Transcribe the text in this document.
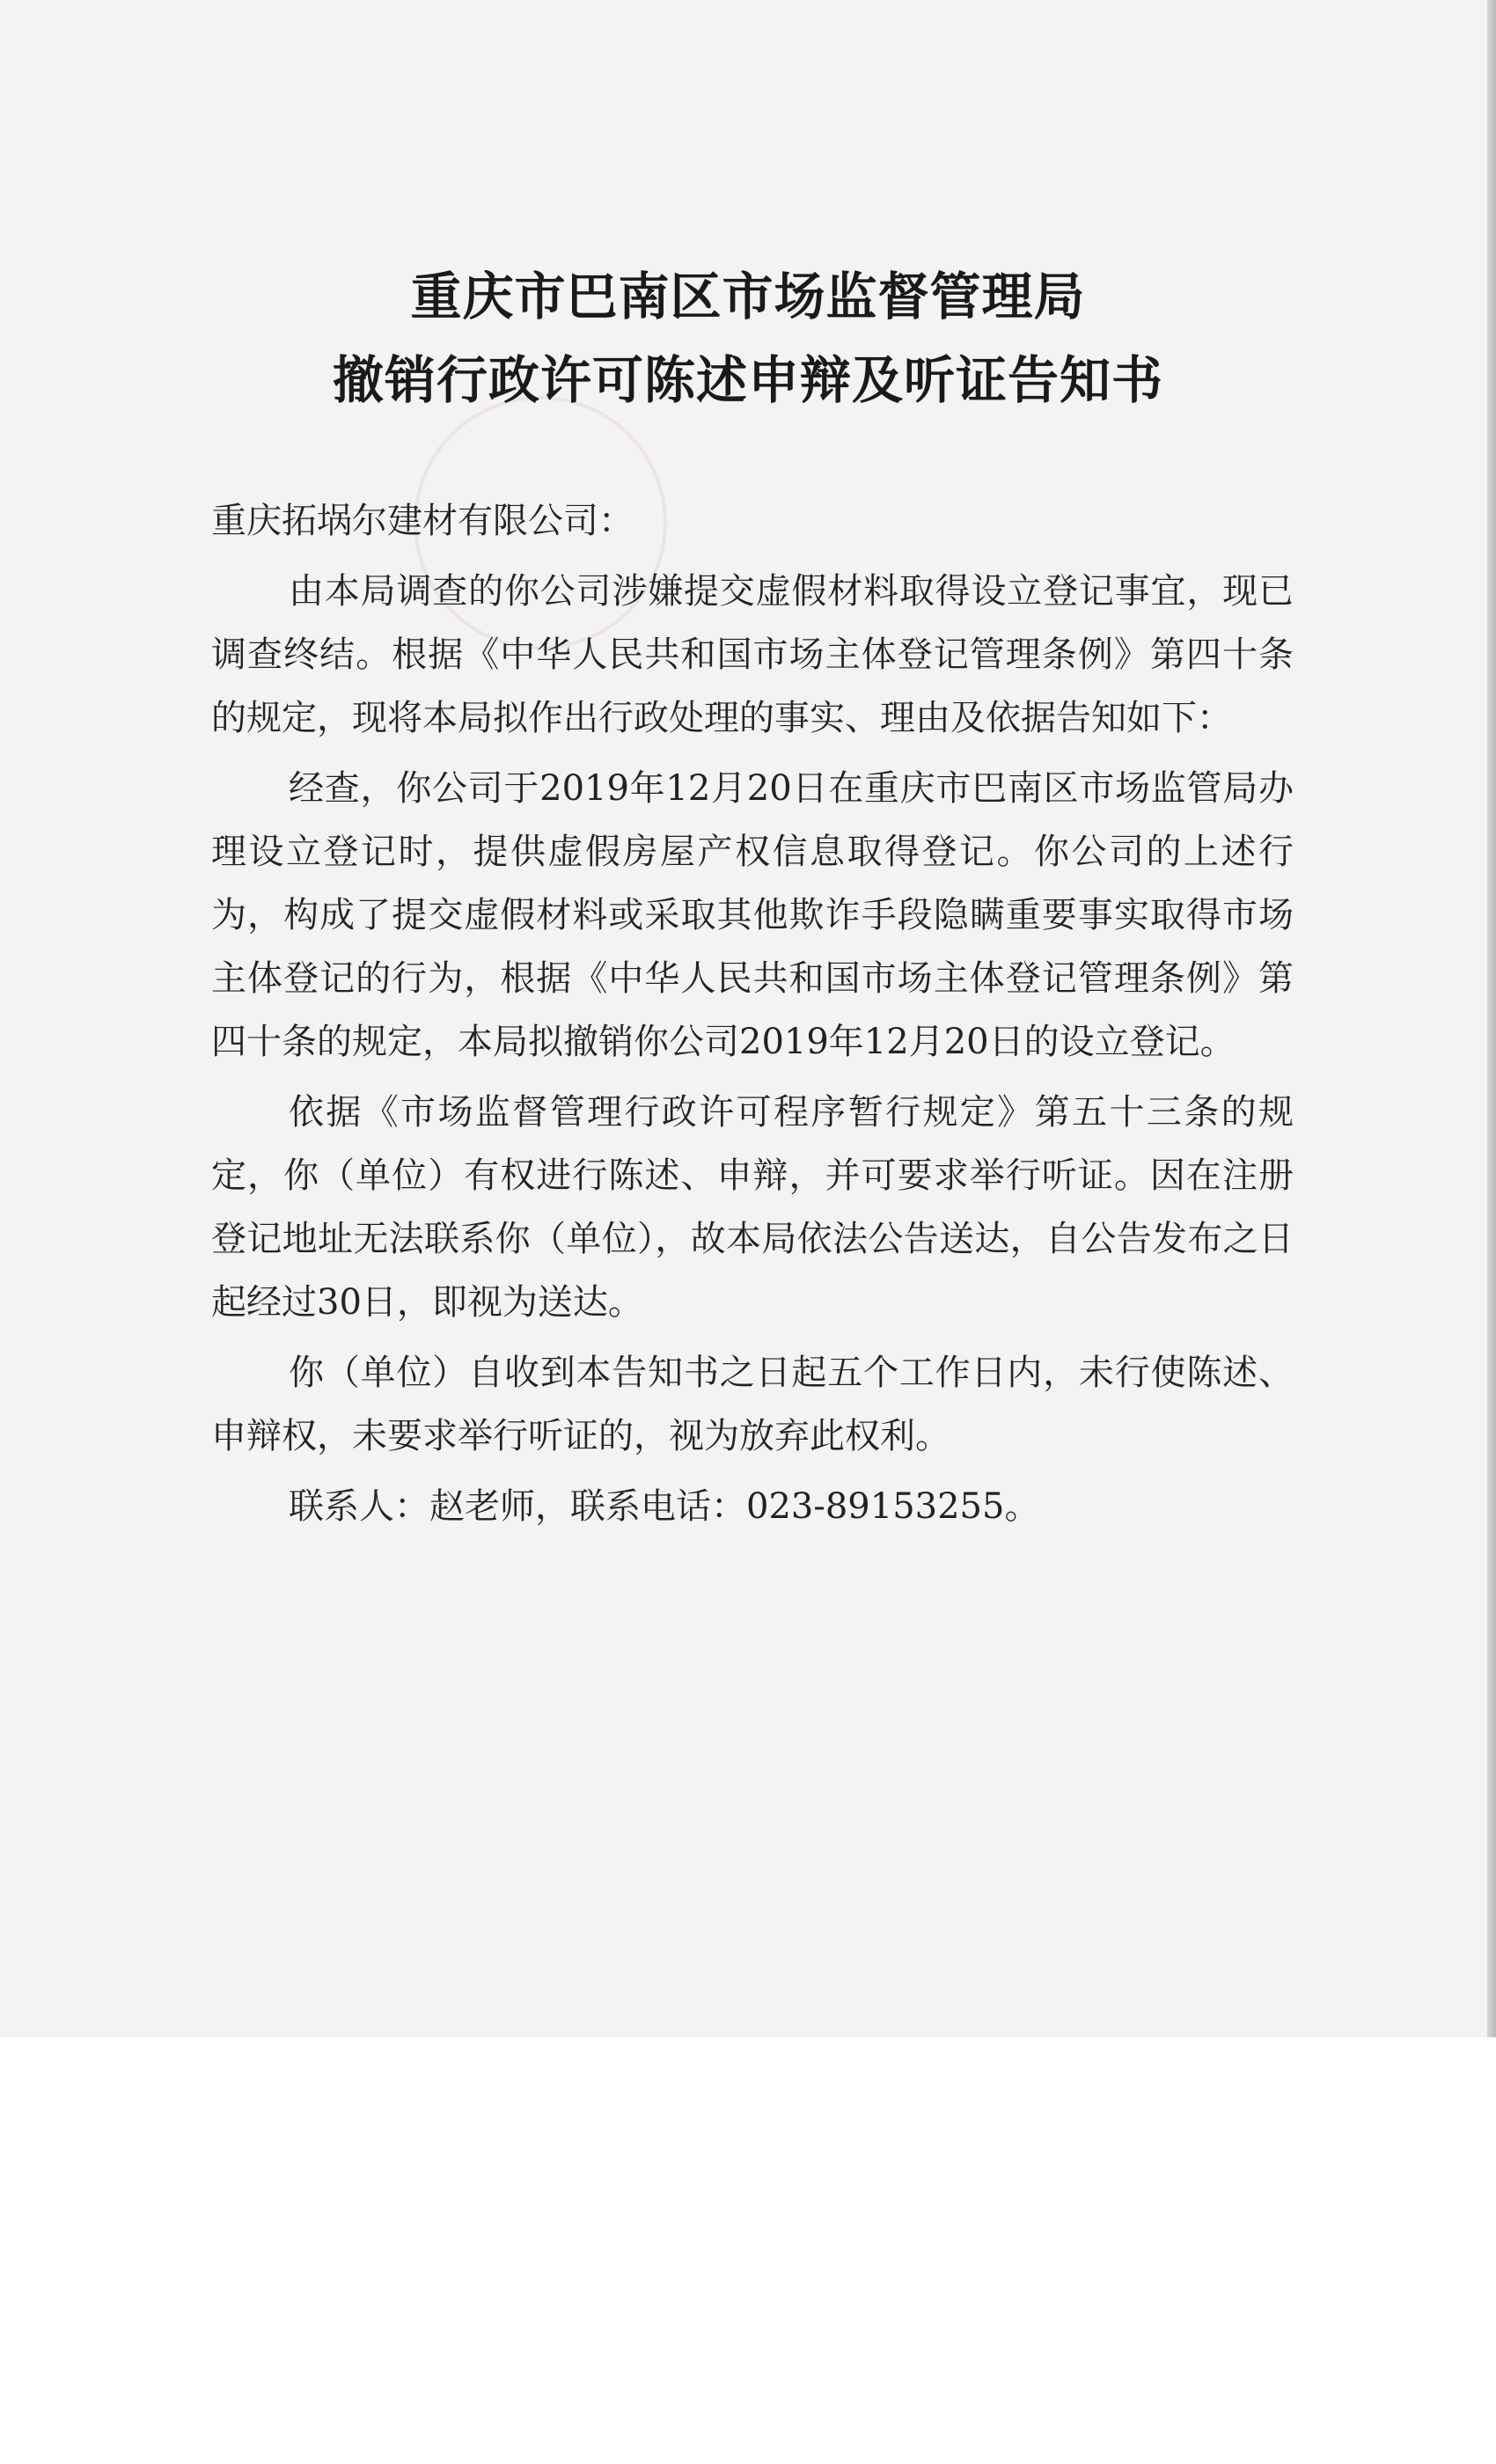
重庆市巴南区市场监督管理局
撤销行政许可陈述申辩及听证告知书

重庆拓埚尔建材有限公司：

由本局调查的你公司涉嫌提交虚假材料取得设立登记事宜，现已调查终结。根据《中华人民共和国市场主体登记管理条例》第四十条的规定，现将本局拟作出行政处理的事实、理由及依据告知如下：

经查，你公司于2019年12月20日在重庆市巴南区市场监管局办理设立登记时，提供虚假房屋产权信息取得登记。你公司的上述行为，构成了提交虚假材料或采取其他欺诈手段隐瞒重要事实取得市场主体登记的行为，根据《中华人民共和国市场主体登记管理条例》第四十条的规定，本局拟撤销你公司2019年12月20日的设立登记。

依据《市场监督管理行政许可程序暂行规定》第五十三条的规定，你（单位）有权进行陈述、申辩，并可要求举行听证。因在注册登记地址无法联系你（单位），故本局依法公告送达，自公告发布之日起经过30日，即视为送达。

你（单位）自收到本告知书之日起五个工作日内，未行使陈述、申辩权，未要求举行听证的，视为放弃此权利。

联系人：赵老师，联系电话：023-89153255。
